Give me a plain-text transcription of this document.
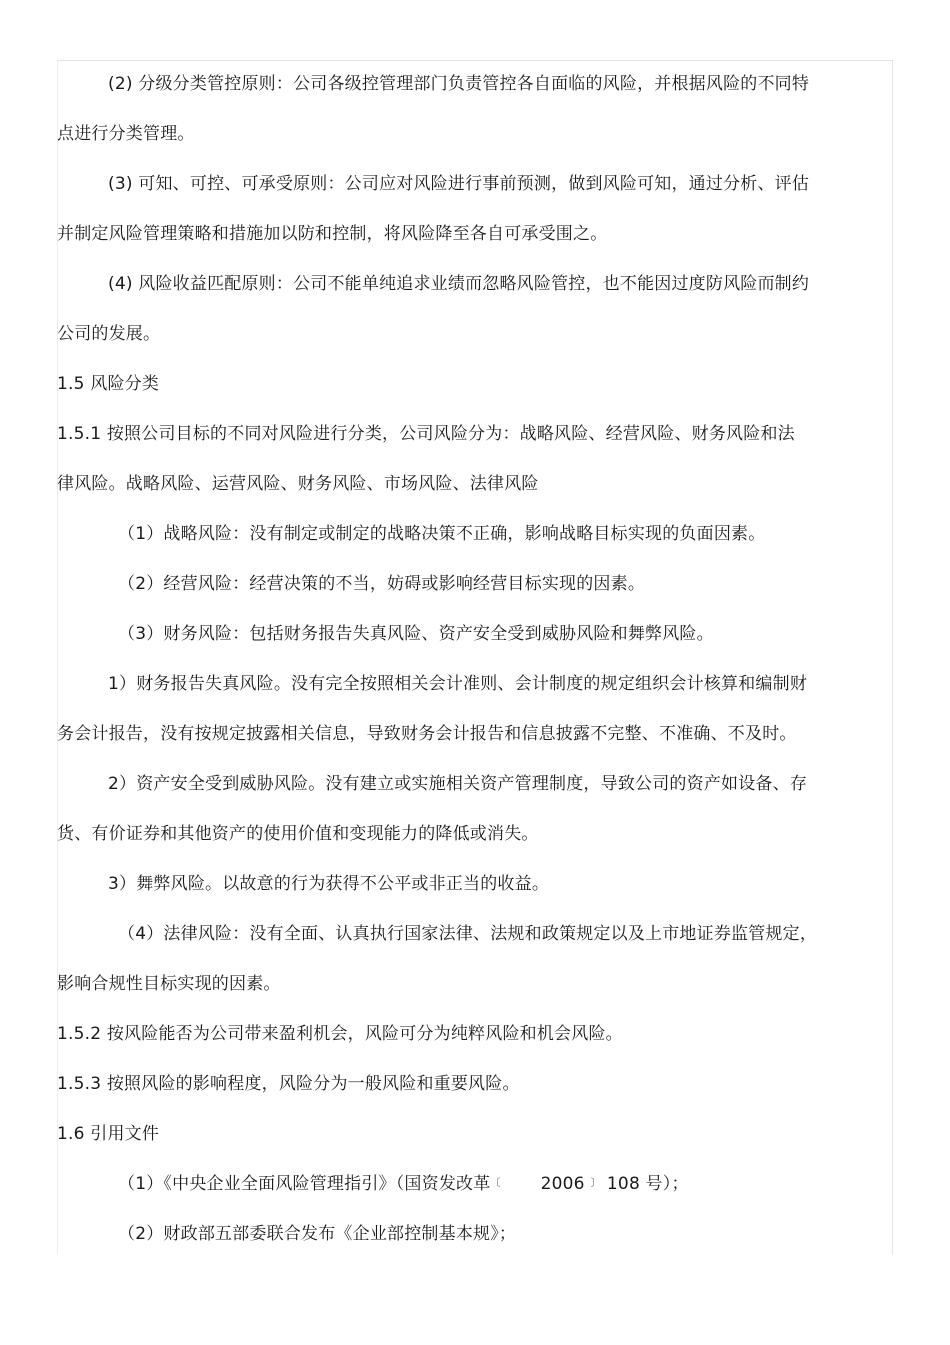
(2) 分级分类管控原则：公司各级控管理部门负责管控各自面临的风险，并根据风险的不同特
点进行分类管理。
(3) 可知、可控、可承受原则：公司应对风险进行事前预测，做到风险可知，通过分析、评估
并制定风险管理策略和措施加以防和控制，将风险降至各自可承受围之。
(4) 风险收益匹配原则：公司不能单纯追求业绩而忽略风险管控，也不能因过度防风险而制约
公司的发展。
1.5 风险分类
1.5.1 按照公司目标的不同对风险进行分类，公司风险分为：战略风险、经营风险、财务风险和法
律风险。战略风险、运营风险、财务风险、市场风险、法律风险
（1）战略风险：没有制定或制定的战略决策不正确，影响战略目标实现的负面因素。
（2）经营风险：经营决策的不当，妨碍或影响经营目标实现的因素。
（3）财务风险：包括财务报告失真风险、资产安全受到威胁风险和舞弊风险。
1）财务报告失真风险。没有完全按照相关会计准则、会计制度的规定组织会计核算和编制财
务会计报告，没有按规定披露相关信息，导致财务会计报告和信息披露不完整、不准确、不及时。
2）资产安全受到威胁风险。没有建立或实施相关资产管理制度，导致公司的资产如设备、存
货、有价证券和其他资产的使用价值和变现能力的降低或消失。
3）舞弊风险。以故意的行为获得不公平或非正当的收益。
（4）法律风险：没有全面、认真执行国家法律、法规和政策规定以及上市地证券监管规定，
影响合规性目标实现的因素。
1.5.2 按风险能否为公司带来盈利机会，风险可分为纯粹风险和机会风险。
1.5.3 按照风险的影响程度，风险分为一般风险和重要风险。
1.6 引用文件
（1）《中央企业全面风险管理指引》（国资发改革〔 2006 〕 108 号）；
（2）财政部五部委联合发布《企业部控制基本规》；
